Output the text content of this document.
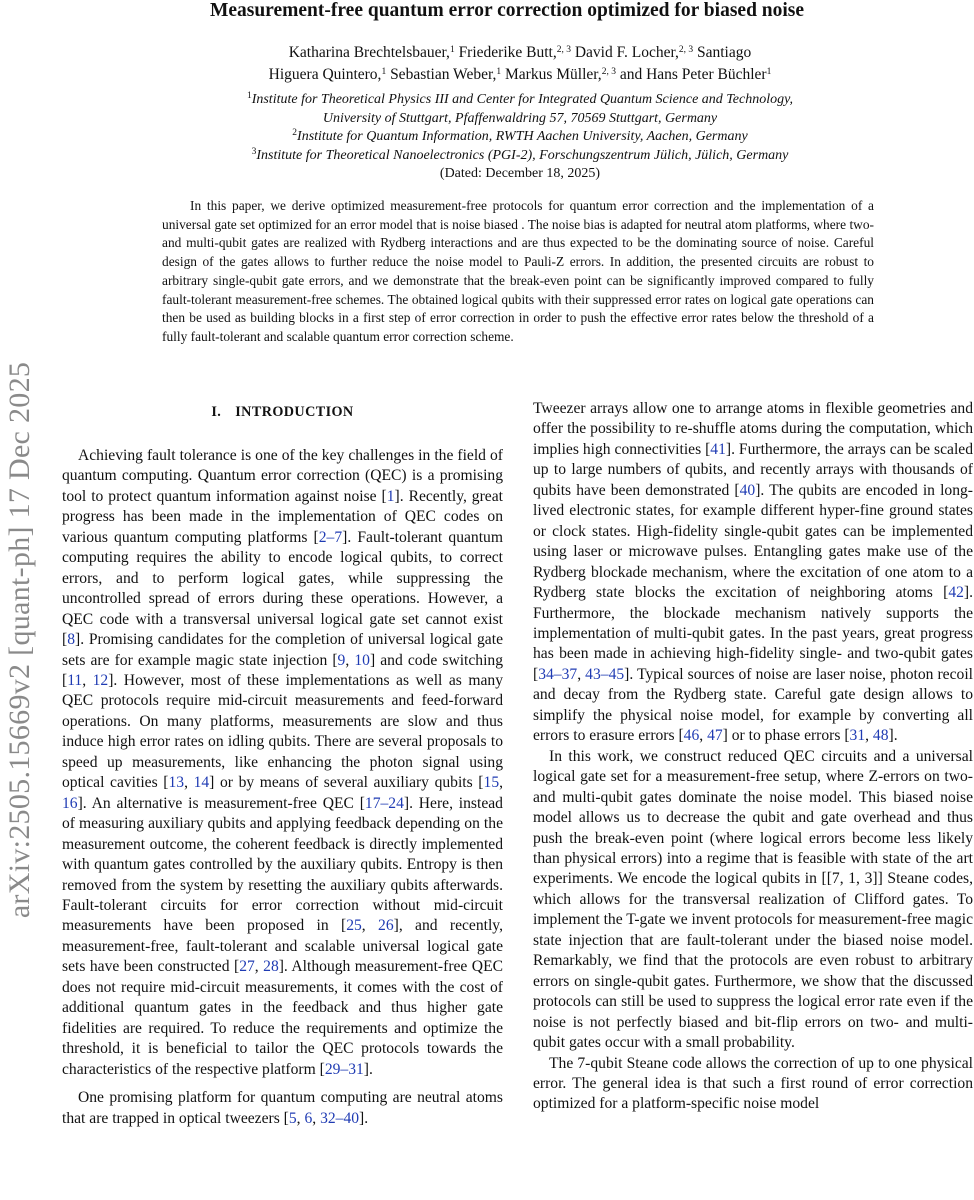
arXiv:2505.15669v2 [quant-ph] 17 Dec 2025
Measurement-free quantum error correction optimized for biased noise
Katharina Brechtelsbauer,$^1$ Friederike Butt,$^{2, 3}$ David F. Locher,$^{2, 3}$ Santiago
Higuera Quintero,$^1$ Sebastian Weber,$^1$ Markus Müller,$^{2, 3}$ and Hans Peter Büchler$^1$
$^1$Institute for Theoretical Physics III and Center for Integrated Quantum Science and Technology,
University of Stuttgart, Pfaffenwaldring 57, 70569 Stuttgart, Germany
$^2$Institute for Quantum Information, RWTH Aachen University, Aachen, Germany
$^3$Institute for Theoretical Nanoelectronics (PGI-2), Forschungszentrum Jülich, Jülich, Germany
(Dated: December 18, 2025)

In this paper, we derive optimized measurement-free protocols for quantum error correction and the implementation of a universal gate set optimized for an error model that is noise biased . The noise bias is adapted for neutral atom platforms, where two- and multi-qubit gates are realized with Rydberg interactions and are thus expected to be the dominating source of noise. Careful design of the gates allows to further reduce the noise model to Pauli-Z errors. In addition, the presented circuits are robust to arbitrary single-qubit gate errors, and we demonstrate that the break-even point can be significantly improved compared to fully fault-tolerant measurement-free schemes. The obtained logical qubits with their suppressed error rates on logical gate operations can then be used as building blocks in a first step of error correction in order to push the effective error rates below the threshold of a fully fault-tolerant and scalable quantum error correction scheme.

I. INTRODUCTION

Achieving fault tolerance is one of the key challenges in the field of quantum computing. Quantum error correction (QEC) is a promising tool to protect quantum information against noise [1]. Recently, great progress has been made in the implementation of QEC codes on various quantum computing platforms [2–7]. Fault-tolerant quantum computing requires the ability to encode logical qubits, to correct errors, and to perform logical gates, while suppressing the uncontrolled spread of errors during these operations. However, a QEC code with a transversal universal logical gate set cannot exist [8]. Promising candidates for the completion of universal logical gate sets are for example magic state injection [9, 10] and code switching [11, 12]. However, most of these implementations as well as many QEC protocols require mid-circuit measurements and feed-forward operations. On many platforms, measurements are slow and thus induce high error rates on idling qubits. There are several proposals to speed up measurements, like enhancing the photon signal using optical cavities [13, 14] or by means of several auxiliary qubits [15, 16]. An alternative is measurement-free QEC [17–24]. Here, instead of measuring auxiliary qubits and applying feedback depending on the measurement outcome, the coherent feedback is directly implemented with quantum gates controlled by the auxiliary qubits. Entropy is then removed from the system by resetting the auxiliary qubits afterwards. Fault-tolerant circuits for error correction without mid-circuit measurements have been proposed in [25, 26], and recently, measurement-free, fault-tolerant and scalable universal logical gate sets have been constructed [27, 28]. Although measurement-free QEC does not require mid-circuit measurements, it comes with the cost of additional quantum gates in the feedback and thus higher gate fidelities are required. To reduce the requirements and optimize the threshold, it is beneficial to tailor the QEC protocols towards the characteristics of the respective platform [29–31].

One promising platform for quantum computing are neutral atoms that are trapped in optical tweezers [5, 6, 32–40].

Tweezer arrays allow one to arrange atoms in flexible geometries and offer the possibility to re-shuffle atoms during the computation, which implies high connectivities [41]. Furthermore, the arrays can be scaled up to large numbers of qubits, and recently arrays with thousands of qubits have been demonstrated [40]. The qubits are encoded in long-lived electronic states, for example different hyper-fine ground states or clock states. High-fidelity single-qubit gates can be implemented using laser or microwave pulses. Entangling gates make use of the Rydberg blockade mechanism, where the excitation of one atom to a Rydberg state blocks the excitation of neighboring atoms [42]. Furthermore, the blockade mechanism natively supports the implementation of multi-qubit gates. In the past years, great progress has been made in achieving high-fidelity single- and two-qubit gates [34–37, 43–45]. Typical sources of noise are laser noise, photon recoil and decay from the Rydberg state. Careful gate design allows to simplify the physical noise model, for example by converting all errors to erasure errors [46, 47] or to phase errors [31, 48].

In this work, we construct reduced QEC circuits and a universal logical gate set for a measurement-free setup, where Z-errors on two- and multi-qubit gates dominate the noise model. This biased noise model allows us to decrease the qubit and gate overhead and thus push the break-even point (where logical errors become less likely than physical errors) into a regime that is feasible with state of the art experiments. We encode the logical qubits in [[7, 1, 3]] Steane codes, which allows for the transversal realization of Clifford gates. To implement the T-gate we invent protocols for measurement-free magic state injection that are fault-tolerant under the biased noise model. Remarkably, we find that the protocols are even robust to arbitrary errors on single-qubit gates. Furthermore, we show that the discussed protocols can still be used to suppress the logical error rate even if the noise is not perfectly biased and bit-flip errors on two- and multi-qubit gates occur with a small probability.

The 7-qubit Steane code allows the correction of up to one physical error. The general idea is that such a first round of error correction optimized for a platform-specific noise model
